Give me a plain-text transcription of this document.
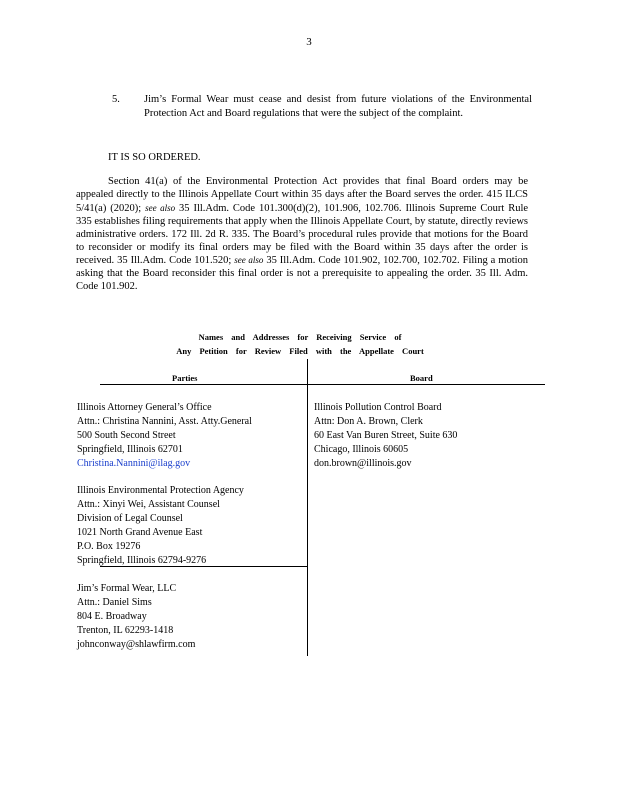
3
5. Jim’s Formal Wear must cease and desist from future violations of the Environmental Protection Act and Board regulations that were the subject of the complaint.
IT IS SO ORDERED.
Section 41(a) of the Environmental Protection Act provides that final Board orders may be appealed directly to the Illinois Appellate Court within 35 days after the Board serves the order. 415 ILCS 5/41(a) (2020); see also 35 Ill.Adm. Code 101.300(d)(2), 101.906, 102.706. Illinois Supreme Court Rule 335 establishes filing requirements that apply when the Illinois Appellate Court, by statute, directly reviews administrative orders. 172 Ill. 2d R. 335. The Board’s procedural rules provide that motions for the Board to reconsider or modify its final orders may be filed with the Board within 35 days after the order is received. 35 Ill.Adm. Code 101.520; see also 35 Ill.Adm. Code 101.902, 102.700, 102.702. Filing a motion asking that the Board reconsider this final order is not a prerequisite to appealing the order. 35 Ill. Adm. Code 101.902.
Names and Addresses for Receiving Service of
Any Petition for Review Filed with the Appellate Court
Parties	Board
Illinois Attorney General’s Office
Attn.: Christina Nannini, Asst. Atty.General
500 South Second Street
Springfield, Illinois 62701
Christina.Nannini@ilag.gov
Illinois Pollution Control Board
Attn: Don A. Brown, Clerk
60 East Van Buren Street, Suite 630
Chicago, Illinois 60605
don.brown@illinois.gov
Illinois Environmental Protection Agency
Attn.: Xinyi Wei, Assistant Counsel
Division of Legal Counsel
1021 North Grand Avenue East
P.O. Box 19276
Springfield, Illinois 62794-9276
Jim’s Formal Wear, LLC
Attn.: Daniel Sims
804 E. Broadway
Trenton, IL 62293-1418
johnconway@shlawfirm.com
